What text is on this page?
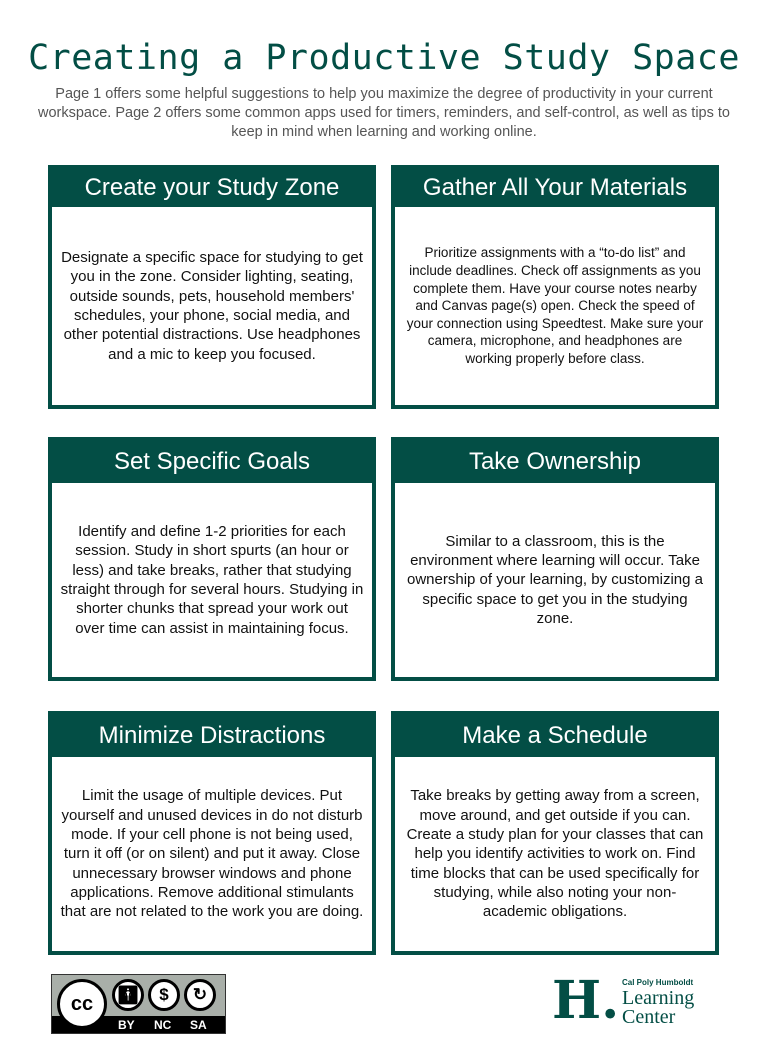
Creating a Productive Study Space
Page 1 offers some helpful suggestions to help you maximize the degree of productivity in your current workspace. Page 2 offers some common apps used for timers, reminders, and self-control, as well as tips to keep in mind when learning and working online.
Create your Study Zone
Designate a specific space for studying to get you in the zone. Consider lighting, seating, outside sounds, pets, household members' schedules, your phone, social media, and other potential distractions. Use headphones and a mic to keep you focused.
Gather All Your Materials
Prioritize assignments with a “to-do list” and include deadlines. Check off assignments as you complete them. Have your course notes nearby and Canvas page(s) open. Check the speed of your connection using Speedtest. Make sure your camera, microphone, and headphones are working properly before class.
Set Specific Goals
Identify and define 1-2 priorities for each session. Study in short spurts (an hour or less) and take breaks, rather that studying straight through for several hours. Studying in shorter chunks that spread your work out over time can assist in maintaining focus.
Take Ownership
Similar to a classroom, this is the environment where learning will occur. Take ownership of your learning, by customizing a specific space to get you in the studying zone.
Minimize Distractions
Limit the usage of multiple devices. Put yourself and unused devices in do not disturb mode. If your cell phone is not being used, turn it off (or on silent) and put it away. Close unnecessary browser windows and phone applications. Remove additional stimulants that are not related to the work you are doing.
Make a Schedule
Take breaks by getting away from a screen, move around, and get outside if you can. Create a study plan for your classes that can help you identify activities to work on. Find time blocks that can be used specifically for studying, while also noting your non-academic obligations.
cc	🚹︎	$	↻
BY NC SA	H. Cal Poly Humboldt
Learning
Center
